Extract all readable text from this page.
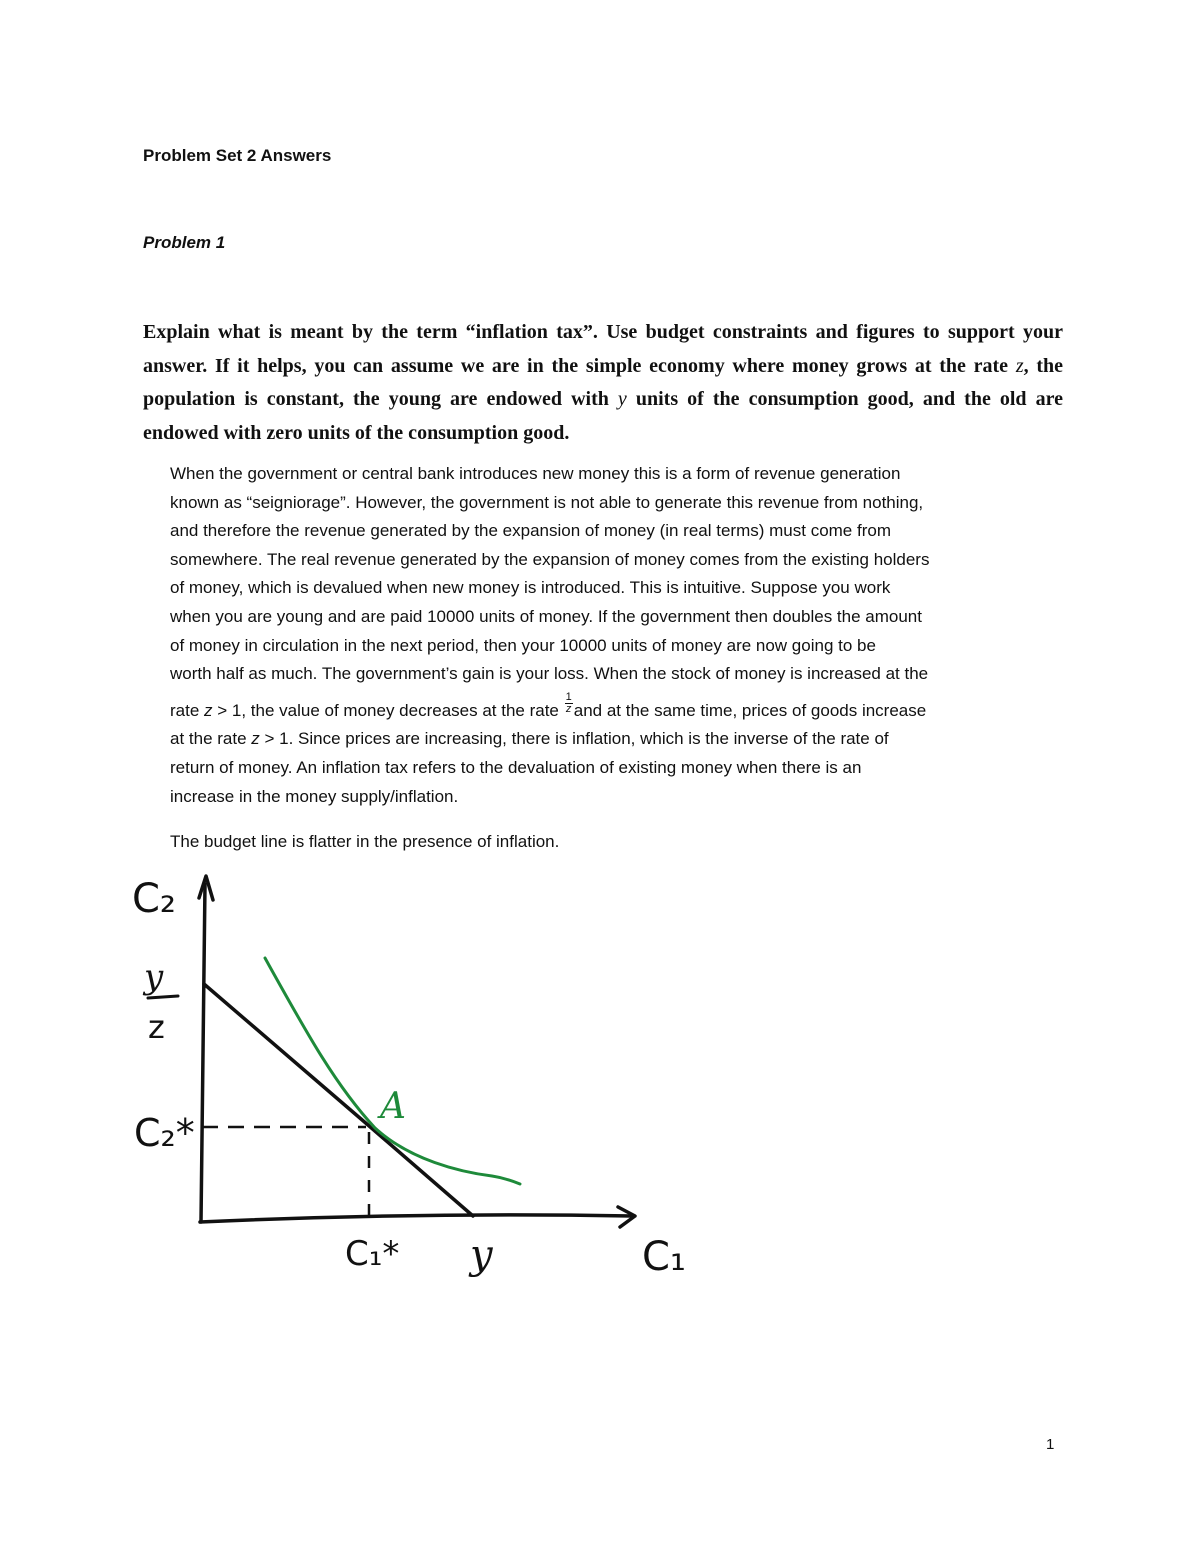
Problem Set 2 Answers
Problem 1
Explain what is meant by the term “inflation tax”. Use budget constraints and figures to support your answer. If it helps, you can assume we are in the simple economy where money grows at the rate z, the population is constant, the young are endowed with y units of the consumption good, and the old are endowed with zero units of the consumption good.
When the government or central bank introduces new money this is a form of revenue generation
known as “seigniorage”. However, the government is not able to generate this revenue from nothing,
and therefore the revenue generated by the expansion of money (in real terms) must come from
somewhere. The real revenue generated by the expansion of money comes from the existing holders
of money, which is devalued when new money is introduced. This is intuitive. Suppose you work
when you are young and are paid 10000 units of money. If the government then doubles the amount
of money in circulation in the next period, then your 10000 units of money are now going to be
worth half as much. The government’s gain is your loss. When the stock of money is increased at the
rate z > 1, the value of money decreases at the rate $\frac{1}{z}$ and at the same time, prices of goods increase
at the rate z > 1. Since prices are increasing, there is inflation, which is the inverse of the rate of
return of money. An inflation tax refers to the devaluation of existing money when there is an
increase in the money supply/inflation.
The budget line is flatter in the presence of inflation.
C₂
y
z
C₂*
A
C₁* y	C₁
1
